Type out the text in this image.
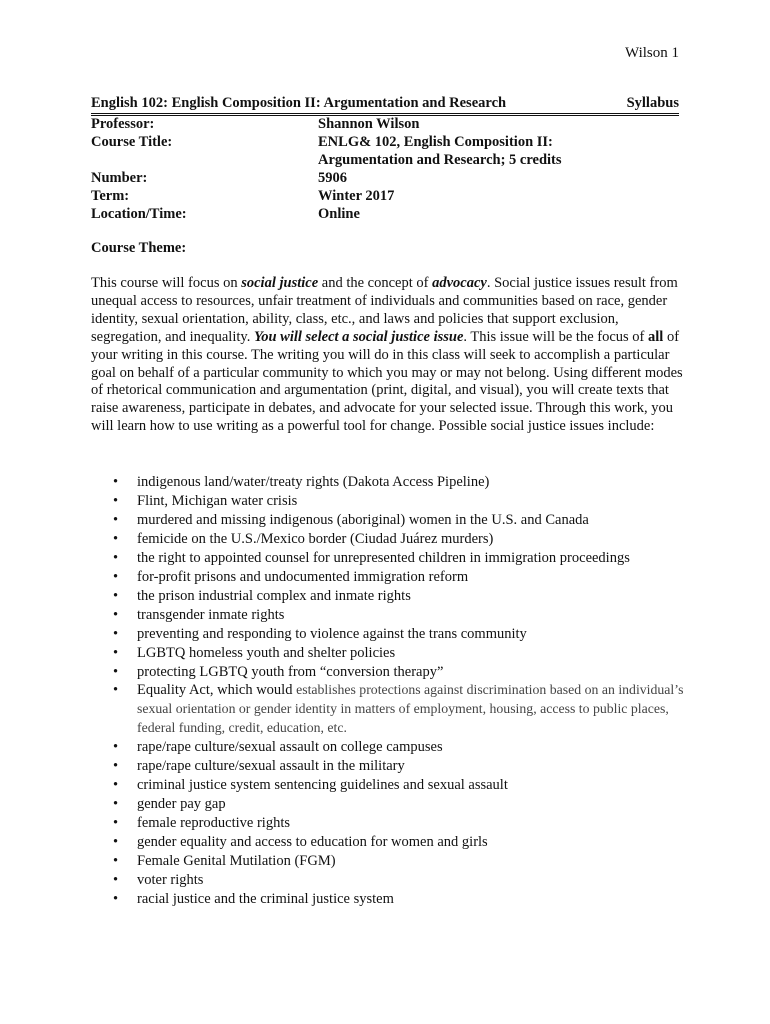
Wilson 1
English 102: English Composition II: Argumentation and Research	Syllabus
Professor:	Shannon Wilson
Course Title:	ENLG& 102, English Composition II:
Argumentation and Research; 5 credits
Number:	5906
Term:	Winter 2017
Location/Time:	Online
Course Theme:

This course will focus on social justice and the concept of advocacy. Social justice issues result from unequal access to resources, unfair treatment of individuals and communities based on race, gender identity, sexual orientation, ability, class, etc., and laws and policies that support exclusion, segregation, and inequality. You will select a social justice issue. This issue will be the focus of all of your writing in this course. The writing you will do in this class will seek to accomplish a particular goal on behalf of a particular community to which you may or may not belong. Using different modes of rhetorical communication and argumentation (print, digital, and visual), you will create texts that raise awareness, participate in debates, and advocate for your selected issue. Through this work, you will learn how to use writing as a powerful tool for change. Possible social justice issues include:

• indigenous land/water/treaty rights (Dakota Access Pipeline)
• Flint, Michigan water crisis
• murdered and missing indigenous (aboriginal) women in the U.S. and Canada
• femicide on the U.S./Mexico border (Ciudad Juárez murders)
• the right to appointed counsel for unrepresented children in immigration proceedings
• for-profit prisons and undocumented immigration reform
• the prison industrial complex and inmate rights
• transgender inmate rights
• preventing and responding to violence against the trans community
• LGBTQ homeless youth and shelter policies
• protecting LGBTQ youth from “conversion therapy”
• Equality Act, which would establishes protections against discrimination based on an individual’s sexual orientation or gender identity in matters of employment, housing, access to public places, federal funding, credit, education, etc.
• rape/rape culture/sexual assault on college campuses
• rape/rape culture/sexual assault in the military
• criminal justice system sentencing guidelines and sexual assault
• gender pay gap
• female reproductive rights
• gender equality and access to education for women and girls
• Female Genital Mutilation (FGM)
• voter rights
• racial justice and the criminal justice system
